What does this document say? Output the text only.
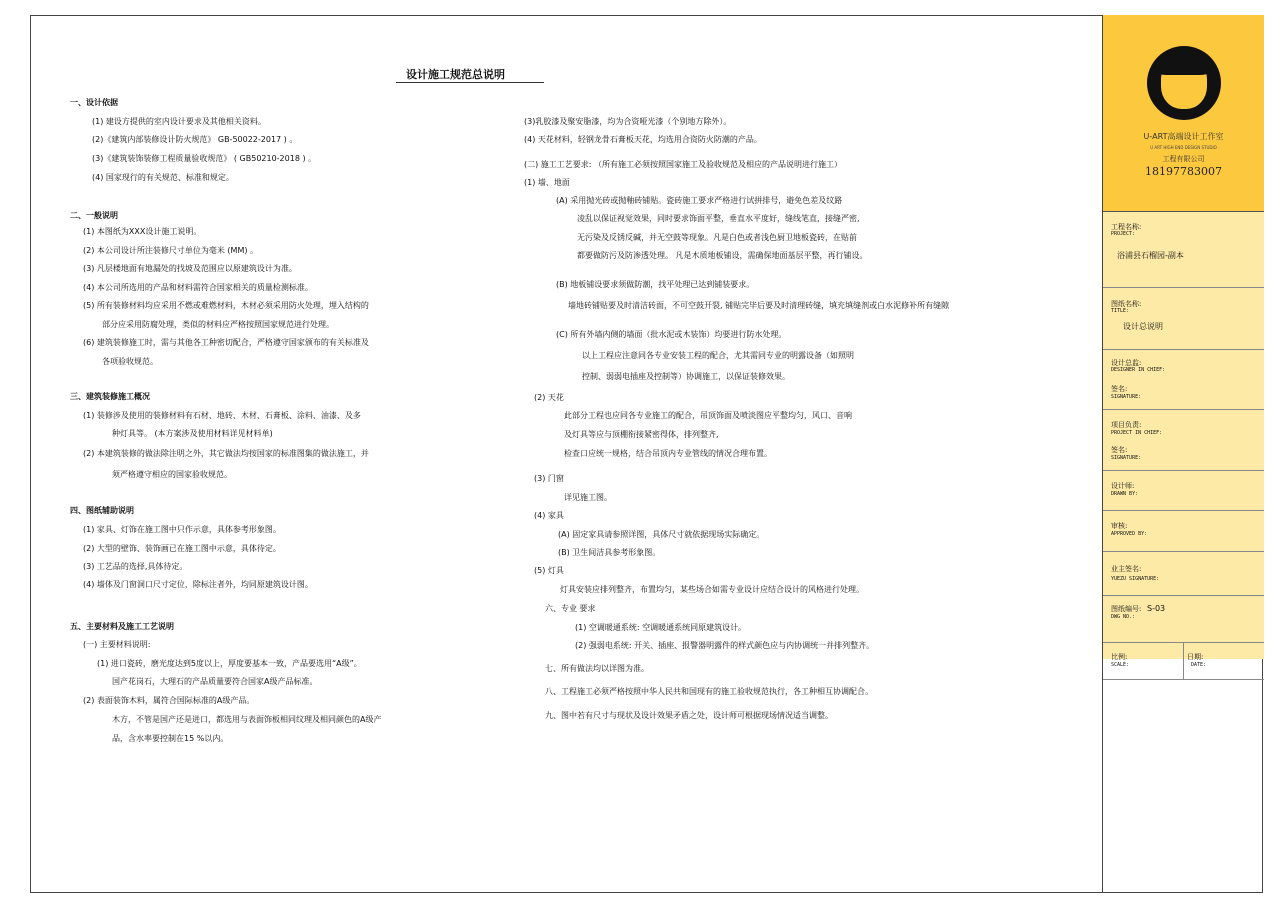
设计施工规范总说明
一、设计依据
(1) 建设方提供的室内设计要求及其他相关资料。
(2)《建筑内部装修设计防火规范》 GB-50022-2017 ) 。
(3)《建筑装饰装修工程质量验收规范》 ( GB50210-2018 ) 。
(4) 国家现行的有关规范、标准和规定。
二、一般说明
(1) 本图纸为XXX设计施工说明。
(2) 本公司设计所注装修尺寸单位为毫米 (MM) 。
(3) 凡层楼地面有地漏处的找坡及范围应以原建筑设计为准。
(4) 本公司所选用的产品和材料需符合国家相关的质量检测标准。
(5) 所有装修材料均应采用不燃或难燃材料，木材必须采用防火处理，埋入结构的
部分应采用防腐处理，类似的材料应严格按照国家规范进行处理。
(6) 建筑装修施工时，需与其他各工种密切配合，严格遵守国家颁布的有关标准及
各项验收规范。
三、建筑装修施工概况
(1) 装修涉及使用的装修材料有石材、地砖、木材、石膏板、涂料、油漆、及多
种灯具等。 (本方案涉及使用材料详见材料单)
(2) 本建筑装修的做法除注明之外，其它做法均按国家的标准图集的做法施工，并
须严格遵守相应的国家验收规范。
四、图纸辅助说明
(1) 家具、灯饰在施工图中只作示意，具体参考形象图。
(2) 大型的壁饰、装饰画已在施工图中示意，具体待定。
(3) 工艺品的选择,具体待定。
(4) 墙体及门窗洞口尺寸定位，除标注者外，均同原建筑设计图。
五、主要材料及施工工艺说明
(一) 主要材料说明:
(1) 进口瓷砖，磨光度达到5度以上，厚度要基本一致，产品要选用“A级”。
国产花岗石，大理石的产品质量要符合国家A级产品标准。
(2) 表面装饰木料，属符合国际标准的A级产品。
木方，不管是国产还是进口，都选用与表面饰板相同纹理及相同颜色的A级产
品，含水率要控制在15 %以内。
(3)乳胶漆及聚安脂漆，均为合资哑光漆（个别地方除外）。
(4) 天花材料，轻钢龙骨石膏板天花，均选用合资防火防潮的产品。
(二) 施工工艺要求: （所有施工必须按照国家施工及验收规范及相应的产品说明进行施工）
(1) 墙、地面
(A) 采用抛光砖或抛釉砖铺贴。瓷砖施工要求严格进行试拼排号，避免色差及纹路
凌乱以保证视觉效果，同时要求饰面平整，垂直水平度好，缝线笔直，接缝严密,
无污染及反锈反碱，并无空鼓等现象。凡是白色或者浅色厨卫地板瓷砖，在贴前
都要做防污及防渗透处理。 凡是木质地板铺设，需确保地面基层平整，再行铺设。
(B) 地板铺设要求须做防潮，找平处理已达到铺装要求。
墙地砖铺贴要及时清洁砖面，不可空鼓开裂, 铺贴完毕后要及时清理砖缝，填充填缝剂或白水泥修补所有缝隙
(C) 所有外墙内侧的墙面（批水泥或木装饰）均要进行防水处理。
以上工程应注意同各专业安装工程的配合，尤其需同专业的明露设备（如照明
控制、弱弱电插座及控制等）协调施工，以保证装修效果。
(2) 天花
此部分工程也应同各专业施工的配合，吊顶饰面及喷淡图应平整均匀，风口、音响
及灯具等应与顶棚衔接紧密得体，排列整齐,
检查口应统一规格，结合吊顶内专业管线的情况合理布置。
(3) 门窗
详见施工图。
(4) 家具
(A) 固定家具请参照详图，具体尺寸就依据现场实际确定。
(B) 卫生间洁具参考形象图。
(5) 灯具
灯具安装应排列整齐，布置均匀，某些场合如需专业设计应结合设计的风格进行处理。
六、专业 要求
(1) 空调暖通系统: 空调暖通系统同原建筑设计。
(2) 强弱电系统: 开关、插座、报警器明露件的样式颜色应与内协调统一并排列整齐。
七、所有做法均以详图为准。
八、工程施工必须严格按照中华人民共和国现有的施工验收规范执行，各工种相互协调配合。
九、图中若有尺寸与现状及设计效果矛盾之处，设计师可根据现场情况适当调整。
U-ART高端设计工作室
U ART HIGH END DESIGN STUDIO
工程有限公司
18197783007
工程名称:
PROJECT:
浴浦县石榴园-副本
图纸名称:
TITLE:
设计总说明
设计总监:
DESIGNER IN CHIEF:
签名:
SIGNATURE:
项目负责:
PROJECT IN CHIEF:
签名:
SIGNATURE:
设计师:
DRAWN BY:
审核:
APPROVED BY:
业主签名:
YUEZU SIGNATURE:
图纸编号: S-03
DWG NO.:
比例:
SCALE:
日期:
DATE:
